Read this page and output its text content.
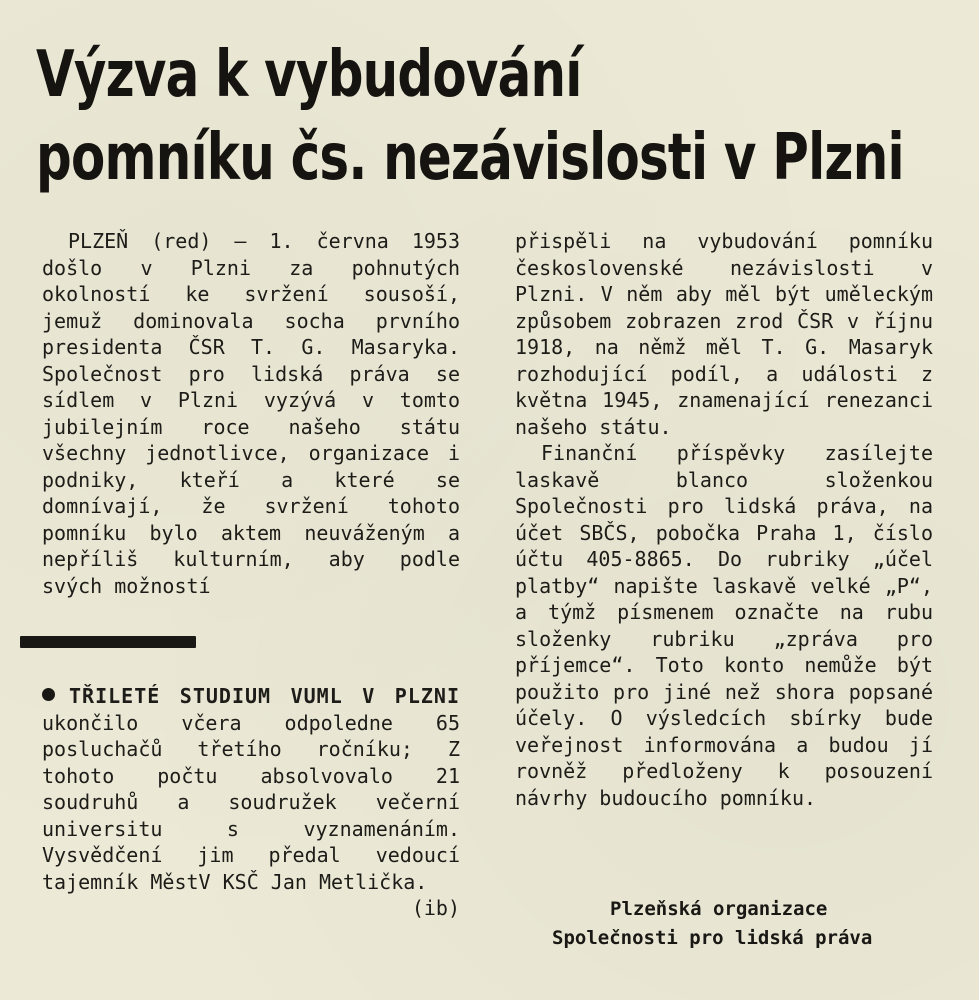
Výzva k vybudování
pomníku čs. nezávislosti v Plzni

PLZEŇ (red) — 1. června 1953 došlo v Plzni za pohnutých okolností ke svržení sousoší, jemuž dominovala socha prvního presidenta ČSR T. G. Masaryka. Společnost pro lidská práva se sídlem v Plzni vyzývá v tomto jubilejním roce našeho státu všechny jednotlivce, organizace i podniky, kteří a které se domnívají, že svržení tohoto pomníku bylo aktem neuváženým a nepříliš kulturním, aby podle svých možností

přispěli na vybudování pomníku československé nezávislosti v Plzni. V něm aby měl být uměleckým způsobem zobrazen zrod ČSR v říjnu 1918, na němž měl T. G. Masaryk rozhodující podíl, a události z května 1945, znamenající renezanci našeho státu.

Finanční příspěvky zasílejte laskavě blanco složenkou Společnosti pro lidská práva, na účet SBČS, pobočka Praha 1, číslo účtu 405-8865. Do rubriky „účel platby“ napište laskavě velké „P“, a týmž písmenem označte na rubu složenky rubriku „zpráva pro příjemce“. Toto konto nemůže být použito pro jiné než shora popsané účely. O výsledcích sbírky bude veřejnost informována a budou jí rovněž předloženy k posouzení návrhy budoucího pomníku.

Plzeňská organizace
Společnosti pro lidská práva

TŘILETÉ STUDIUM VUML V PLZNI ukončilo včera odpoledne 65 posluchačů třetího ročníku; Z tohoto počtu absolvovalo 21 soudruhů a soudružek večerní universitu s vyznamenáním. Vysvědčení jim předal vedoucí tajemník MěstV KSČ Jan Metlička.
(ib)
